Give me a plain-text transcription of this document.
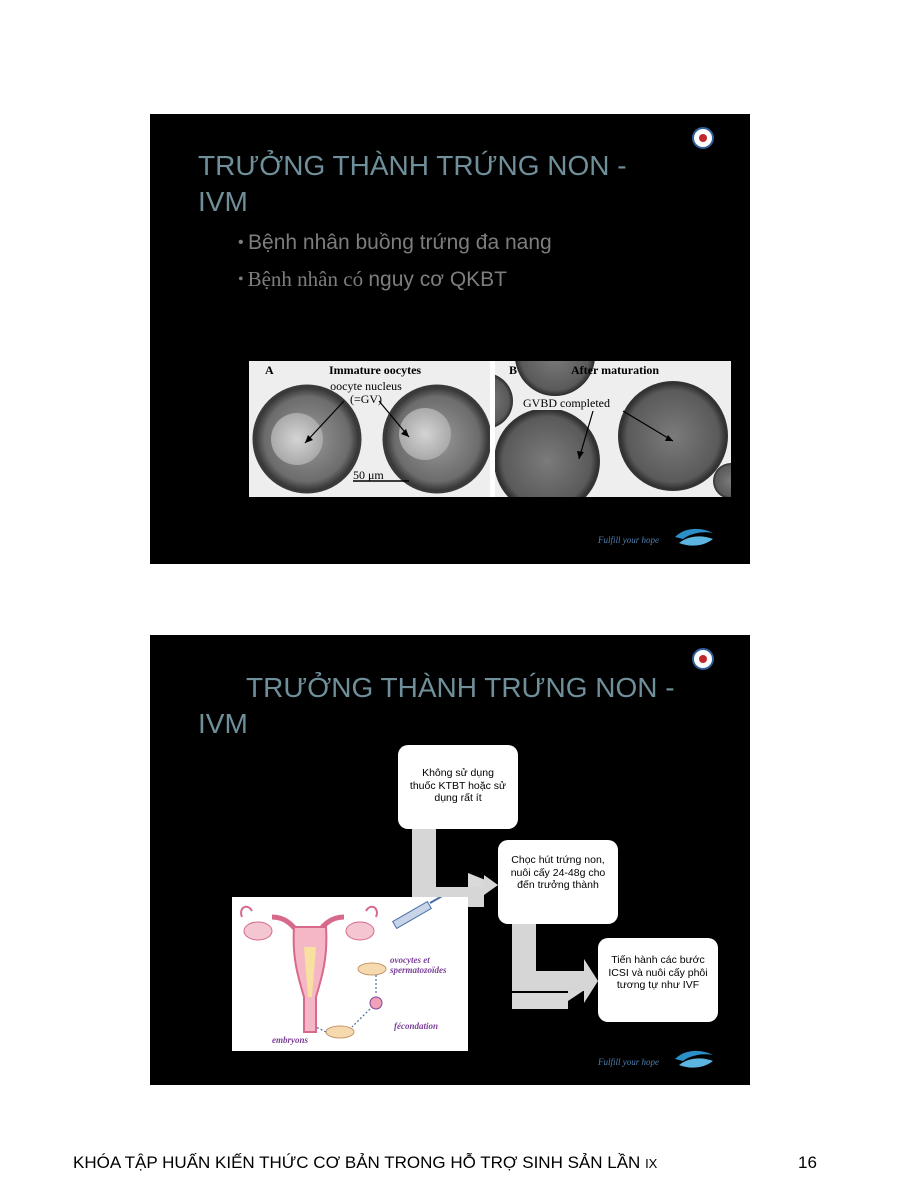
TRƯỞNG THÀNH TRỨNG NON - IVM
• Bệnh nhân buồng trứng đa nang
• Bệnh nhân có nguy cơ QKBT
A	Immature oocytes
oocyte nucleus
(=GV)
50 μm
B	After maturation
GVBD completed
Fulfill your hope
TRƯỞNG THÀNH TRỨNG NON -
IVM
Không sử dụng thuốc KTBT hoặc sử dụng rất ít
Chọc hút trứng non, nuôi cấy 24-48g cho đến trưởng thành
Tiến hành các bước ICSI và nuôi cấy phôi tương tự như IVF
ovocytes et spermatozoïdes
fécondation
embryons
Fulfill your hope
KHÓA TẬP HUẤN KIẾN THỨC CƠ BẢN TRONG HỖ TRỢ SINH SẢN LẦN IX	16
